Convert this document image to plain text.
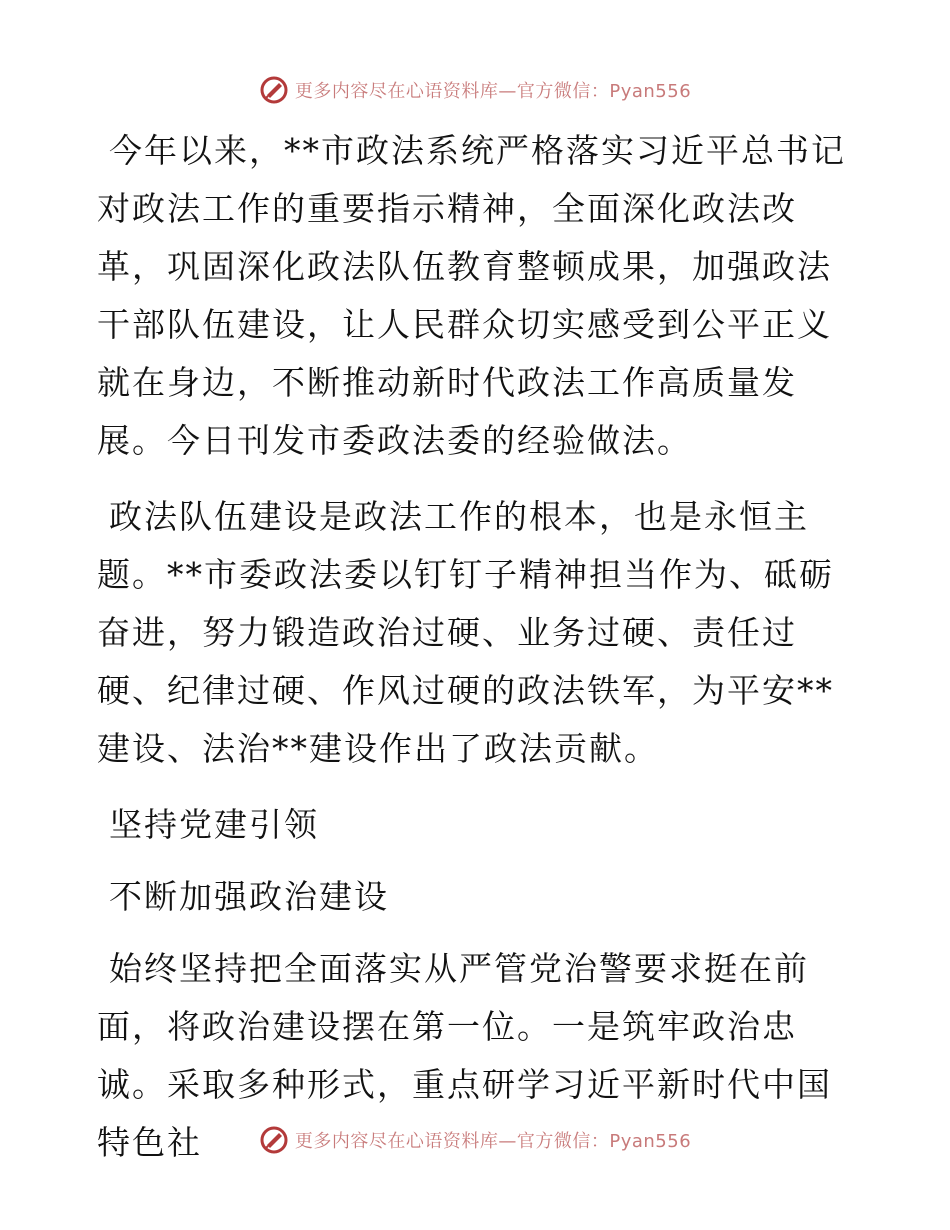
更多内容尽在心语资料库—官方微信：Pyan556

今年以来，**市政法系统严格落实习近平总书记对政法工作的重要指示精神，全面深化政法改革，巩固深化政法队伍教育整顿成果，加强政法干部队伍建设，让人民群众切实感受到公平正义就在身边，不断推动新时代政法工作高质量发展。今日刊发市委政法委的经验做法。

政法队伍建设是政法工作的根本，也是永恒主题。**市委政法委以钉钉子精神担当作为、砥砺奋进，努力锻造政治过硬、业务过硬、责任过硬、纪律过硬、作风过硬的政法铁军，为平安**建设、法治**建设作出了政法贡献。

坚持党建引领

不断加强政治建设

始终坚持把全面落实从严管党治警要求挺在前面，将政治建设摆在第一位。一是筑牢政治忠诚。采取多种形式，重点研学习近平新时代中国特色社	更多内容尽在心语资料库—官方微信：Pyan556
